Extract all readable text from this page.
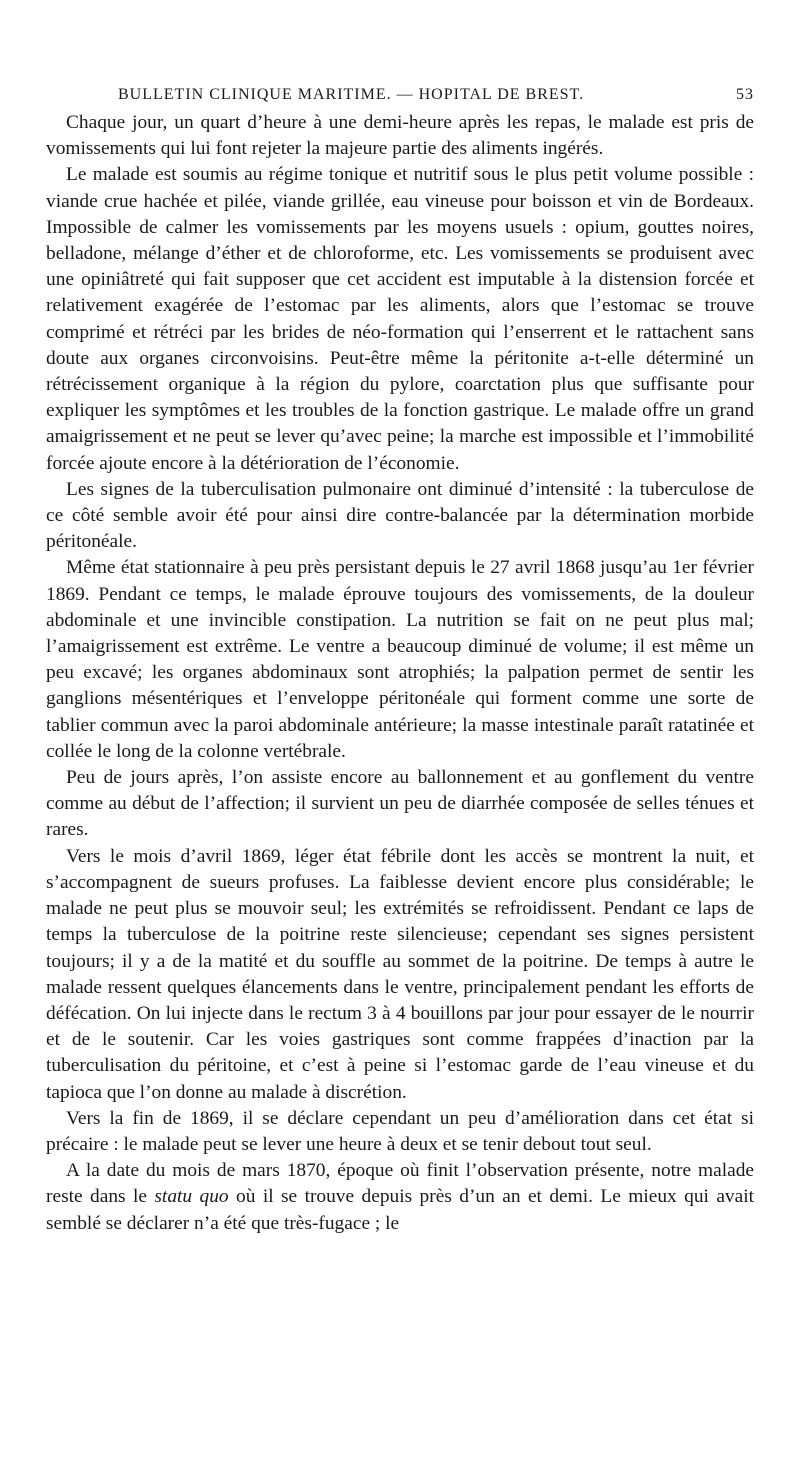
BULLETIN CLINIQUE MARITIME. — HOPITAL DE BREST.	53

Chaque jour, un quart d’heure à une demi-heure après les repas, le malade est pris de vomissements qui lui font rejeter la majeure partie des aliments ingérés.

Le malade est soumis au régime tonique et nutritif sous le plus petit volume possible : viande crue hachée et pilée, viande grillée, eau vineuse pour boisson et vin de Bordeaux. Impossible de calmer les vomissements par les moyens usuels : opium, gouttes noires, belladone, mélange d’éther et de chloroforme, etc. Les vomissements se produisent avec une opiniâtreté qui fait supposer que cet accident est imputable à la distension forcée et relativement exagérée de l’estomac par les aliments, alors que l’estomac se trouve comprimé et rétréci par les brides de néo-formation qui l’enserrent et le rattachent sans doute aux organes circonvoisins. Peut-être même la péritonite a-t-elle déterminé un rétrécissement organique à la région du pylore, coarctation plus que suffisante pour expliquer les symptômes et les troubles de la fonction gastrique. Le malade offre un grand amaigrissement et ne peut se lever qu’avec peine; la marche est impossible et l’immobilité forcée ajoute encore à la détérioration de l’économie.

Les signes de la tuberculisation pulmonaire ont diminué d’intensité : la tuberculose de ce côté semble avoir été pour ainsi dire contre-balancée par la détermination morbide péritonéale.

Même état stationnaire à peu près persistant depuis le 27 avril 1868 jusqu’au 1er février 1869. Pendant ce temps, le malade éprouve toujours des vomissements, de la douleur abdominale et une invincible constipation. La nutrition se fait on ne peut plus mal; l’amaigrissement est extrême. Le ventre a beaucoup diminué de volume; il est même un peu excavé; les organes abdominaux sont atrophiés; la palpation permet de sentir les ganglions mésentériques et l’enveloppe péritonéale qui forment comme une sorte de tablier commun avec la paroi abdominale antérieure; la masse intestinale paraît ratatinée et collée le long de la colonne vertébrale.

Peu de jours après, l’on assiste encore au ballonnement et au gonflement du ventre comme au début de l’affection; il survient un peu de diarrhée composée de selles ténues et rares.

Vers le mois d’avril 1869, léger état fébrile dont les accès se montrent la nuit, et s’accompagnent de sueurs profuses. La faiblesse devient encore plus considérable; le malade ne peut plus se mouvoir seul; les extrémités se refroidissent. Pendant ce laps de temps la tuberculose de la poitrine reste silencieuse; cependant ses signes persistent toujours; il y a de la matité et du souffle au sommet de la poitrine. De temps à autre le malade ressent quelques élancements dans le ventre, principalement pendant les efforts de défécation. On lui injecte dans le rectum 3 à 4 bouillons par jour pour essayer de le nourrir et de le soutenir. Car les voies gastriques sont comme frappées d’inaction par la tuberculisation du péritoine, et c’est à peine si l’estomac garde de l’eau vineuse et du tapioca que l’on donne au malade à discrétion.

Vers la fin de 1869, il se déclare cependant un peu d’amélioration dans cet état si précaire : le malade peut se lever une heure à deux et se tenir debout tout seul.

A la date du mois de mars 1870, époque où finit l’observation présente, notre malade reste dans le statu quo où il se trouve depuis près d’un an et demi. Le mieux qui avait semblé se déclarer n’a été que très-fugace ; le
